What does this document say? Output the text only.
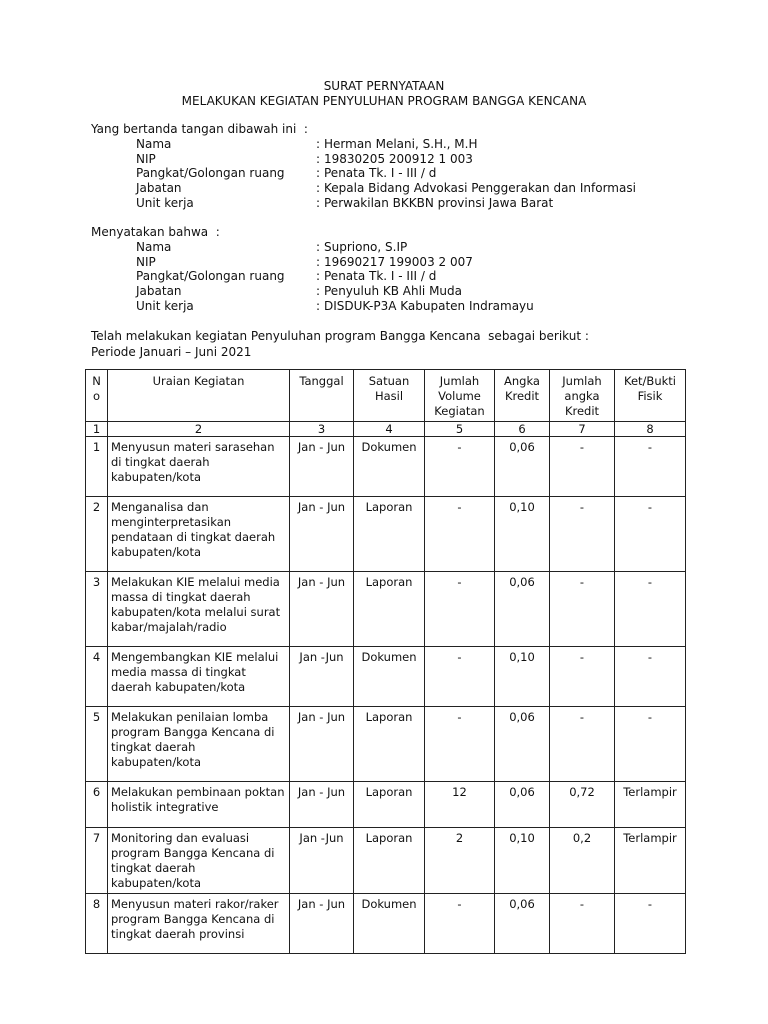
SURAT PERNYATAAN
MELAKUKAN KEGIATAN PENYULUHAN PROGRAM BANGGA KENCANA
Yang bertanda tangan dibawah ini  :
Nama	: Herman Melani, S.H., M.H
NIP	: 19830205 200912 1 003
Pangkat/Golongan ruang	: Penata Tk. I - III / d
Jabatan	: Kepala Bidang Advokasi Penggerakan dan Informasi
Unit kerja	: Perwakilan BKKBN provinsi Jawa Barat
Menyatakan bahwa  :
Nama	: Supriono, S.IP
NIP	: 19690217 199003 2 007
Pangkat/Golongan ruang	: Penata Tk. I - III / d
Jabatan	: Penyuluh KB Ahli Muda
Unit kerja	: DISDUK-P3A Kabupaten Indramayu
Telah melakukan kegiatan Penyuluhan program Bangga Kencana  sebagai berikut :
Periode Januari – Juni 2021
N o	Uraian Kegiatan	Tanggal	Satuan Hasil	Jumlah Volume Kegiatan	Angka Kredit	Jumlah angka Kredit	Ket/Bukti Fisik
1	2	3	4	5	6	7	8
1	Menyusun materi sarasehan di tingkat daerah kabupaten/kota	Jan - Jun	Dokumen	-	0,06	-	-
2	Menganalisa dan menginterpretasikan pendataan di tingkat daerah kabupaten/kota	Jan - Jun	Laporan	-	0,10	-	-
3	Melakukan KIE melalui media massa di tingkat daerah kabupaten/kota melalui surat kabar/majalah/radio	Jan - Jun	Laporan	-	0,06	-	-
4	Mengembangkan KIE melalui media massa di tingkat daerah kabupaten/kota	Jan -Jun	Dokumen	-	0,10	-	-
5	Melakukan penilaian lomba program Bangga Kencana di tingkat daerah kabupaten/kota	Jan - Jun	Laporan	-	0,06	-	-
6	Melakukan pembinaan poktan holistik integrative	Jan - Jun	Laporan	12	0,06	0,72	Terlampir
7	Monitoring dan evaluasi program Bangga Kencana di tingkat daerah kabupaten/kota	Jan -Jun	Laporan	2	0,10	0,2	Terlampir
8	Menyusun materi rakor/raker program Bangga Kencana di tingkat daerah provinsi	Jan - Jun	Dokumen	-	0,06	-	-
